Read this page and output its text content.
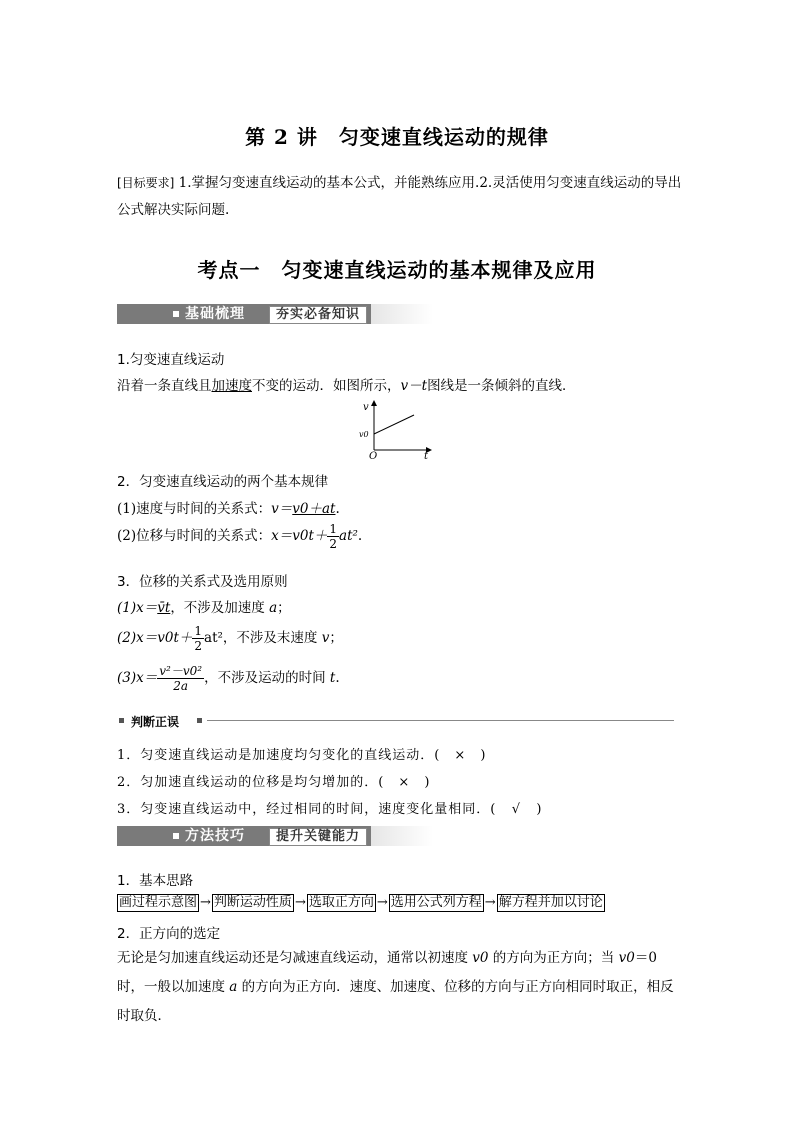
第 2 讲　匀变速直线运动的规律
[目标要求] 1.掌握匀变速直线运动的基本公式，并能熟练应用.2.灵活使用匀变速直线运动的导出公式解决实际问题.
考点一　匀变速直线运动的基本规律及应用
基础梳理	夯实必备知识
1.匀变速直线运动
沿着一条直线且加速度不变的运动．如图所示，v－t图线是一条倾斜的直线．
v
t
O
v0
2．匀变速直线运动的两个基本规律
(1)速度与时间的关系式：v＝v0＋at.
(2)位移与时间的关系式：$x=v0t+ \frac{1}{2} at^2$.
3．位移的关系式及选用原则
(1)x＝v̄t，不涉及加速度 a；
$(2)x=v0t+ \frac{1}{2} at^2$，不涉及末速度 v；
$(3)x= \frac{\text{v²－v0²}}{2a}$ ，不涉及运动的时间 t.
判断正误
1．匀变速直线运动是加速度均匀变化的直线运动．( × )
2．匀加速直线运动的位移是均匀增加的．( × )
3．匀变速直线运动中，经过相同的时间，速度变化量相同．( √ )
方法技巧	提升关键能力
1．基本思路
画过程示意图 → 判断运动性质 → 选取正方向 → 选用公式列方程 → 解方程并加以讨论
2．正方向的选定
无论是匀加速直线运动还是匀减速直线运动，通常以初速度 v0 的方向为正方向；当 v0＝0 时，一般以加速度 a 的方向为正方向．速度、加速度、位移的方向与正方向相同时取正，相反时取负．
